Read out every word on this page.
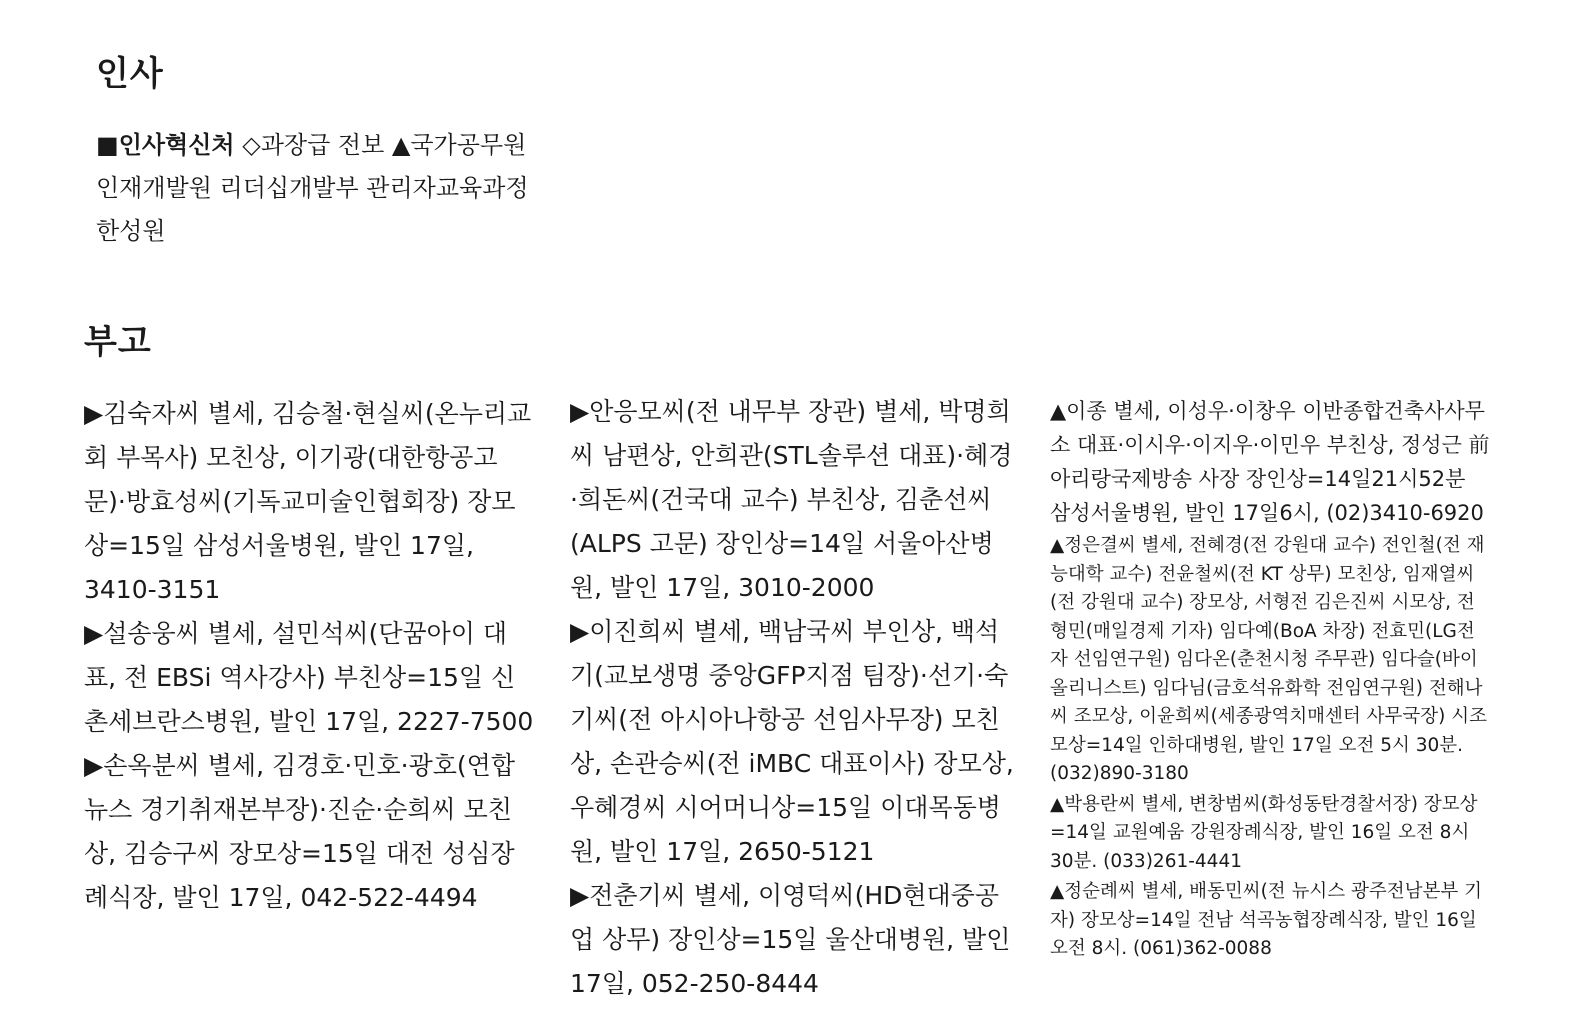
인사
■인사혁신처 ◇과장급 전보 ▲국가공무원인재개발원 리더십개발부 관리자교육과정 한성원
부고

▶김숙자씨 별세, 김승철·현실씨(온누리교회 부목사) 모친상, 이기광(대한항공고문)·방효성씨(기독교미술인협회장) 장모상=15일 삼성서울병원, 발인 17일, 3410-3151

▶설송웅씨 별세, 설민석씨(단꿈아이 대표, 전 EBSi 역사강사) 부친상=15일 신촌세브란스병원, 발인 17일, 2227-7500

▶손옥분씨 별세, 김경호·민호·광호(연합뉴스 경기취재본부장)·진순·순희씨 모친상, 김승구씨 장모상=15일 대전 성심장례식장, 발인 17일, 042-522-4494

▶안응모씨(전 내무부 장관) 별세, 박명희씨 남편상, 안희관(STL솔루션 대표)·혜경·희돈씨(건국대 교수) 부친상, 김춘선씨(ALPS 고문) 장인상=14일 서울아산병원, 발인 17일, 3010-2000

▶이진희씨 별세, 백남국씨 부인상, 백석기(교보생명 중앙GFP지점 팀장)·선기·숙기씨(전 아시아나항공 선임사무장) 모친상, 손관승씨(전 iMBC 대표이사) 장모상, 우혜경씨 시어머니상=15일 이대목동병원, 발인 17일, 2650-5121

▶전춘기씨 별세, 이영덕씨(HD현대중공업 상무) 장인상=15일 울산대병원, 발인 17일, 052-250-8444

▲이종 별세, 이성우·이창우 이반종합건축사사무소 대표·이시우·이지우·이민우 부친상, 정성근 前 아리랑국제방송 사장 장인상=14일21시52분 삼성서울병원, 발인 17일6시, (02)3410-6920

▲정은결씨 별세, 전혜경(전 강원대 교수) 전인철(전 재능대학 교수) 전윤철씨(전 KT 상무) 모친상, 임재열씨(전 강원대 교수) 장모상, 서형전 김은진씨 시모상, 전형민(매일경제 기자) 임다예(BoA 차장) 전효민(LG전자 선임연구원) 임다온(춘천시청 주무관) 임다슬(바이올리니스트) 임다님(금호석유화학 전임연구원) 전해나씨 조모상, 이윤희씨(세종광역치매센터 사무국장) 시조모상=14일 인하대병원, 발인 17일 오전 5시 30분. (032)890-3180

▲박용란씨 별세, 변창범씨(화성동탄경찰서장) 장모상=14일 교원예움 강원장례식장, 발인 16일 오전 8시 30분. (033)261-4441

▲정순례씨 별세, 배동민씨(전 뉴시스 광주전남본부 기자) 장모상=14일 전남 석곡농협장례식장, 발인 16일 오전 8시. (061)362-0088
